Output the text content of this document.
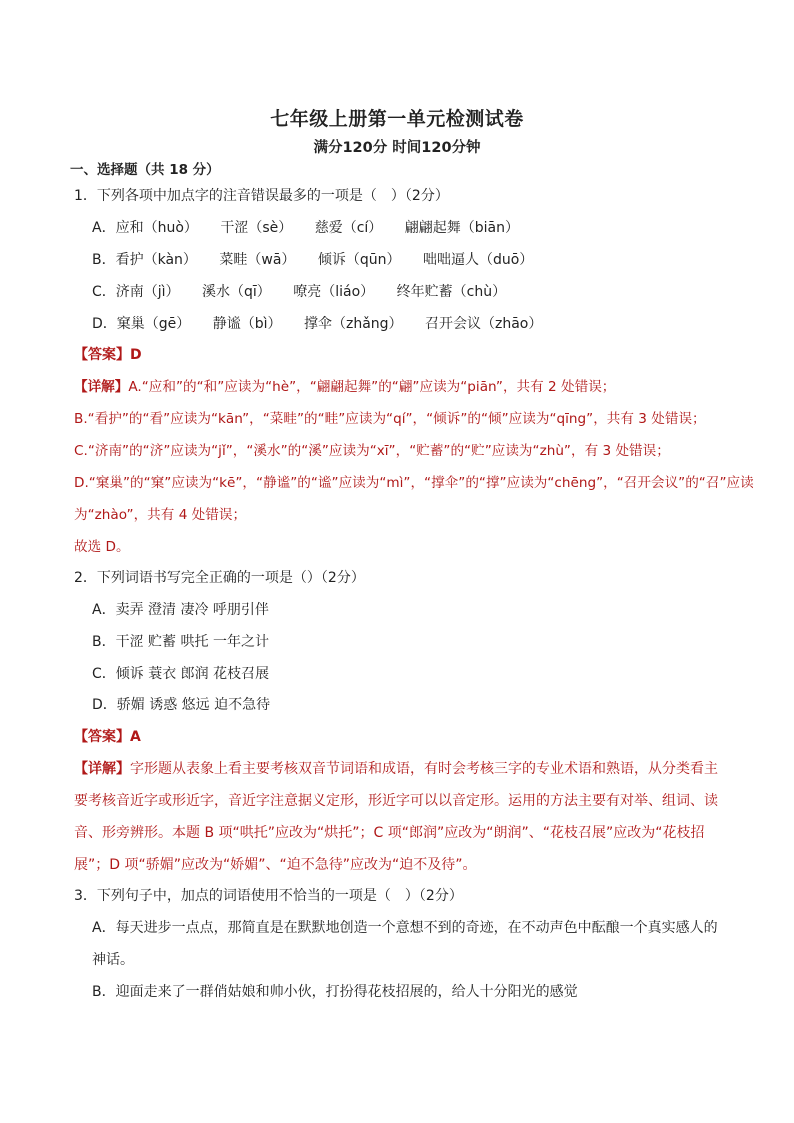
七年级上册第一单元检测试卷
满分120分 时间120分钟
一、选择题（共 18 分）
1．下列各项中加点字的注音错误最多的一项是（　）（2分）
A．应和（huò） 干涩（sè） 慈爱（cí） 翩翩起舞（biān）
B．看护（kàn） 菜畦（wā） 倾诉（qūn） 咄咄逼人（duō）
C．济南（jì） 溪水（qī） 嘹亮（liáo） 终年贮蓄（chù）
D．窠巢（gē） 静谧（bì） 撑伞（zhǎng） 召开会议（zhāo）
【答案】D
【详解】A.“应和”的“和”应读为“hè”，“翩翩起舞”的“翩”应读为“piān”，共有 2 处错误；
B.“看护”的“看”应读为“kān”，“菜畦”的“畦”应读为“qí”，“倾诉”的“倾”应读为“qīng”，共有 3 处错误；
C.“济南”的“济”应读为“jǐ”，“溪水”的“溪”应读为“xī”，“贮蓄”的“贮”应读为“zhù”，有 3 处错误；
D.“窠巢”的“窠”应读为“kē”，“静谧”的“谧”应读为“mì”，“撑伞”的“撑”应读为“chēng”，“召开会议”的“召”应读
为“zhào”，共有 4 处错误；
故选 D。
2．下列词语书写完全正确的一项是（）（2分）
A．卖弄 澄清 凄冷 呼朋引伴
B．干涩 贮蓄 哄托 一年之计
C．倾诉 蓑衣 郎润 花枝召展
D．骄媚 诱惑 悠远 迫不急待
【答案】A
【详解】字形题从表象上看主要考核双音节词语和成语，有时会考核三字的专业术语和熟语，从分类看主要考核音近字或形近字，音近字注意据义定形，形近字可以以音定形。运用的方法主要有对举、组词、读音、形旁辨形。本题 B 项“哄托”应改为“烘托”；C 项“郎润”应改为“朗润”、“花枝召展”应改为“花枝招展”；D 项“骄媚”应改为“娇媚”、“迫不急待”应改为“迫不及待”。
3．下列句子中，加点的词语使用不恰当的一项是（　）（2分）
A．每天进步一点点，那简直是在默默地创造一个意想不到的奇迹，在不动声色中酝酿一个真实感人的神话。
B．迎面走来了一群俏姑娘和帅小伙，打扮得花枝招展的，给人十分阳光的感觉
